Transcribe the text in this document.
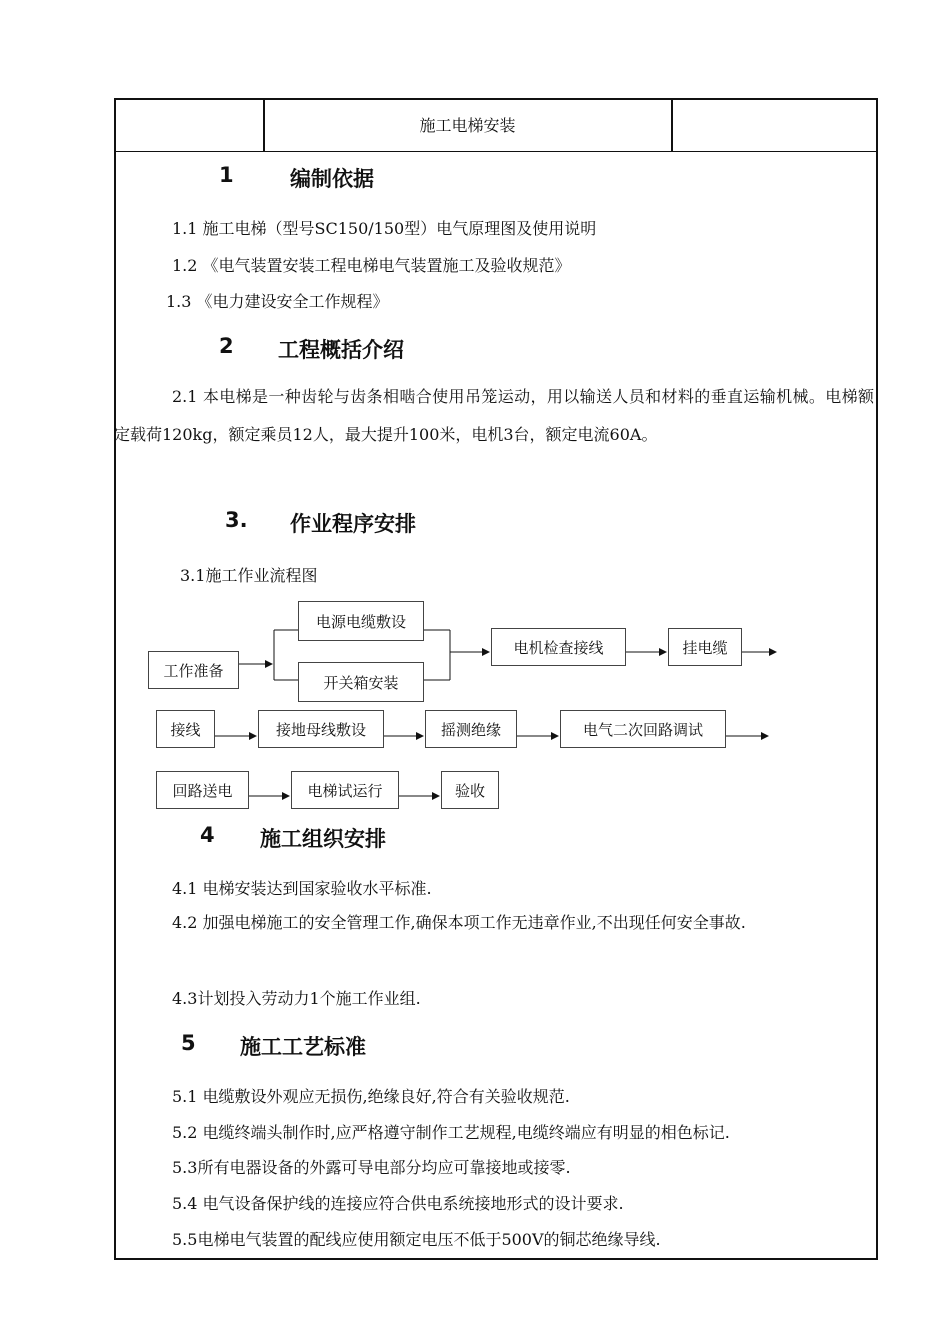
施工电梯安装
1	编制依据
1.1 施工电梯（型号SC150/150型）电气原理图及使用说明
1.2 《电气装置安装工程电梯电气装置施工及验收规范》
1.3 《电力建设安全工作规程》
2 工程概括介绍
2.1 本电梯是一种齿轮与齿条相啮合使用吊笼运动，用以输送人员和材料的垂直运输机械。电梯额定载荷120kg，额定乘员12人，最大提升100米，电机3台，额定电流60A。
3. 作业程序安排
3.1施工作业流程图
工作准备
电源电缆敷设
开关箱安装
电机检查接线	挂电缆
接线	接地母线敷设	摇测绝缘	电气二次回路调试
回路送电	电梯试运行	验收
4 施工组织安排
4.1 电梯安装达到国家验收水平标准.
4.2 加强电梯施工的安全管理工作,确保本项工作无违章作业,不出现任何安全事故.
4.3计划投入劳动力1个施工作业组.
5 施工工艺标准
5.1 电缆敷设外观应无损伤,绝缘良好,符合有关验收规范.
5.2 电缆终端头制作时,应严格遵守制作工艺规程,电缆终端应有明显的相色标记.
5.3所有电器设备的外露可导电部分均应可靠接地或接零.
5.4 电气设备保护线的连接应符合供电系统接地形式的设计要求.
5.5电梯电气装置的配线应使用额定电压不低于500V的铜芯绝缘导线.
